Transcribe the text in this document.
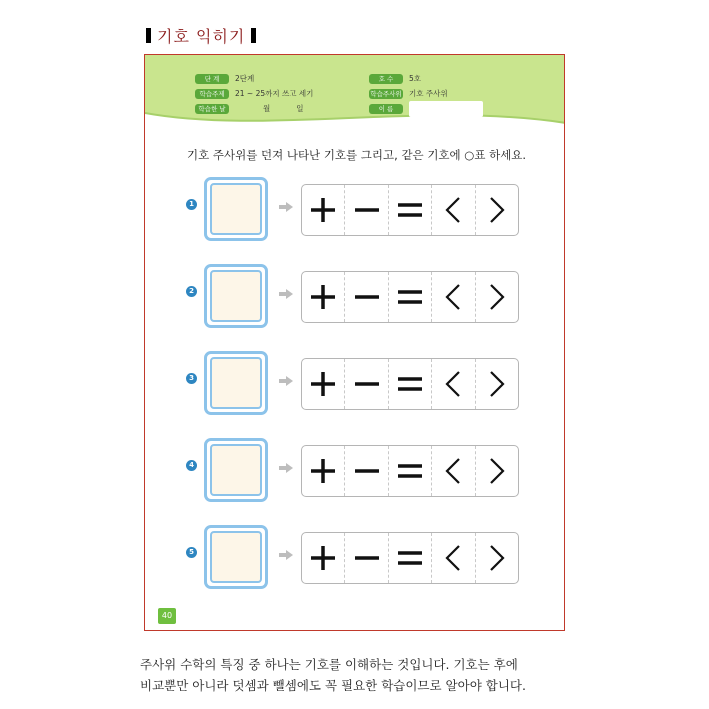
기호 익히기
단 계	2단계
학습주제	21 ~ 25까지 쓰고 세기
학습한 날	월	일
호 수	5호
학습주사위 기호 주사위
이 름
기호 주사위를 던져 나타난 기호를 그리고, 같은 기호에 ○표 하세요.
1
2
3
4
5
40
주사위 수학의 특징 중 하나는 기호를 이해하는 것입니다. 기호는 후에
비교뿐만 아니라 덧셈과 뺄셈에도 꼭 필요한 학습이므로 알아야 합니다.
